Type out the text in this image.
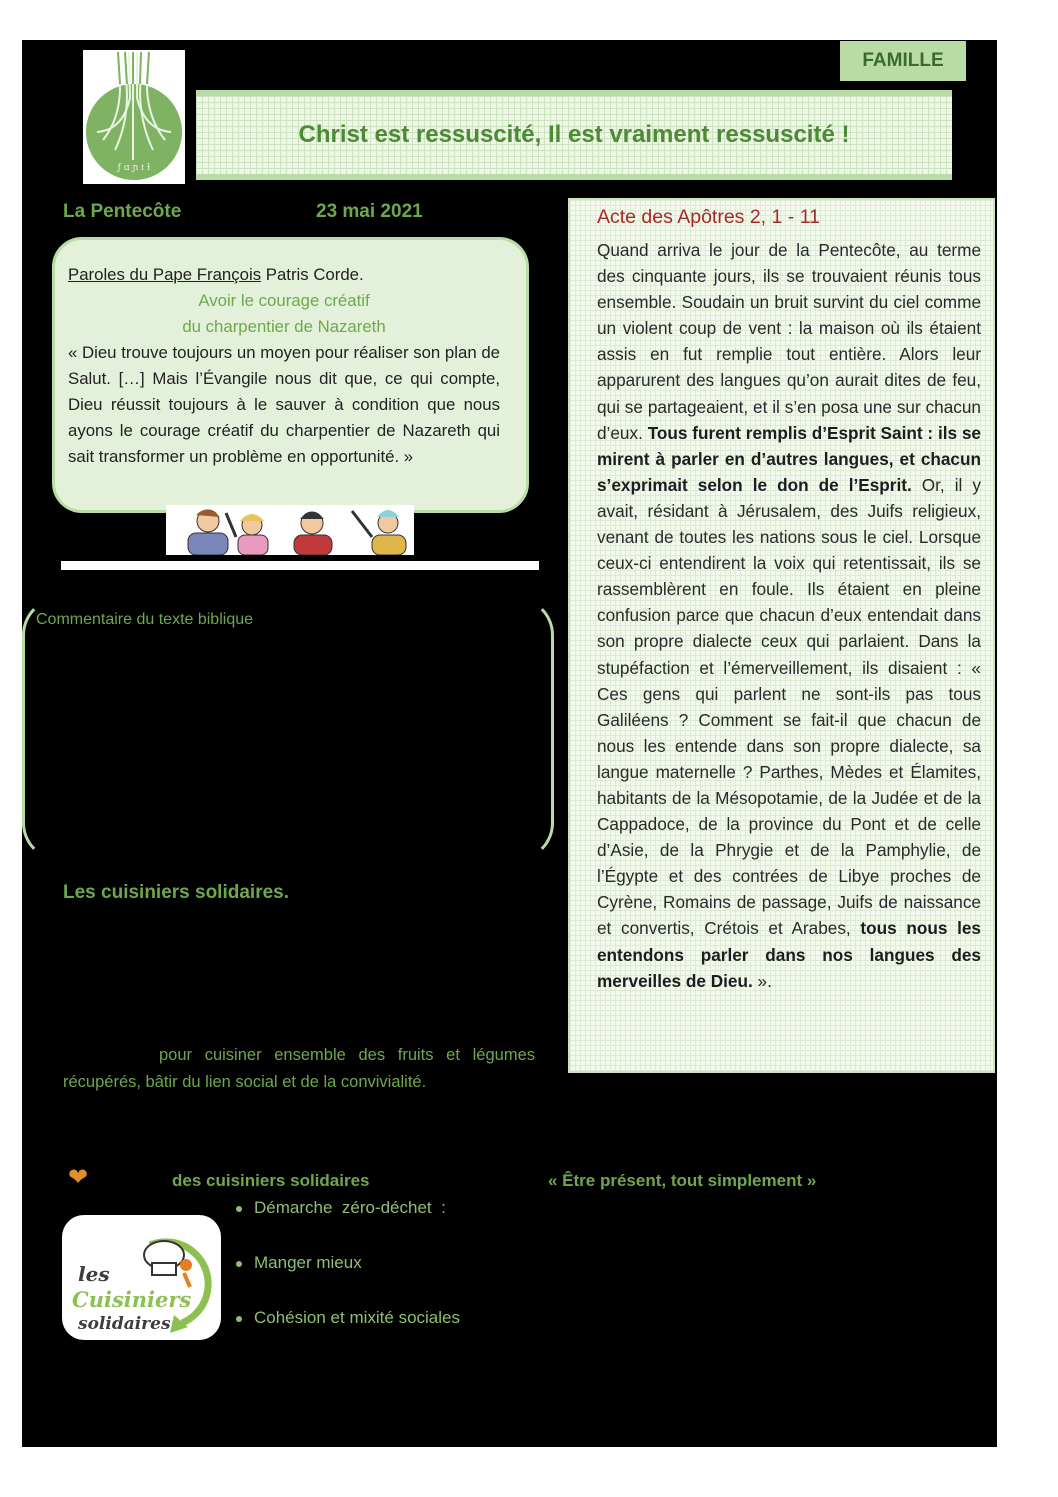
FAMILLE
ƒ ɑ ɲ ɪ ɫ
Christ est ressuscité, Il est vraiment ressuscité !
La Pentecôte	23 mai 2021
Paroles du Pape François Patris Corde.
Avoir le courage créatif
du charpentier de Nazareth
« Dieu trouve toujours un moyen pour réaliser son plan de Salut. […] Mais l’Évangile nous dit que, ce qui compte, Dieu réussit toujours à le sauver à condition que nous ayons le courage créatif du charpentier de Nazareth qui sait transformer un problème en opportunité. »
Commentaire du texte biblique
Acte des Apôtres 2, 1 - 11

Quand arriva le jour de la Pentecôte, au terme des cinquante jours, ils se trouvaient réunis tous ensemble. Soudain un bruit survint du ciel comme un violent coup de vent : la maison où ils étaient assis en fut remplie tout entière. Alors leur apparurent des langues qu’on aurait dites de feu, qui se partageaient, et il s’en posa une sur chacun d’eux. Tous furent remplis d’Esprit Saint : ils se mirent à parler en d’autres langues, et chacun s’exprimait selon le don de l’Esprit. Or, il y avait, résidant à Jérusalem, des Juifs religieux, venant de toutes les nations sous le ciel. Lorsque ceux-ci entendirent la voix qui retentissait, ils se rassemblèrent en foule. Ils étaient en pleine confusion parce que chacun d’eux entendait dans son propre dialecte ceux qui parlaient. Dans la stupéfaction et l’émerveillement, ils disaient : « Ces gens qui parlent ne sont-ils pas tous Galiléens ? Comment se fait-il que chacun de nous les entende dans son propre dialecte, sa langue maternelle ? Parthes, Mèdes et Élamites, habitants de la Mésopotamie, de la Judée et de la Cappadoce, de la province du Pont et de celle d’Asie, de la Phrygie et de la Pamphylie, de l’Égypte et des contrées de Libye proches de Cyrène, Romains de passage, Juifs de naissance et convertis, Crétois et Arabes, tous nous les entendons parler dans nos langues des merveilles de Dieu. ».

Les cuisiniers solidaires.
pour cuisiner ensemble des fruits et légumes récupérés, bâtir du lien social et de la convivialité.
❤	des cuisiniers solidaires	« Être présent, tout simplement »
Démarche  zéro-déchet  :
Manger mieux
Cohésion et mixité sociales
les
Cuisiniers
solidaires
